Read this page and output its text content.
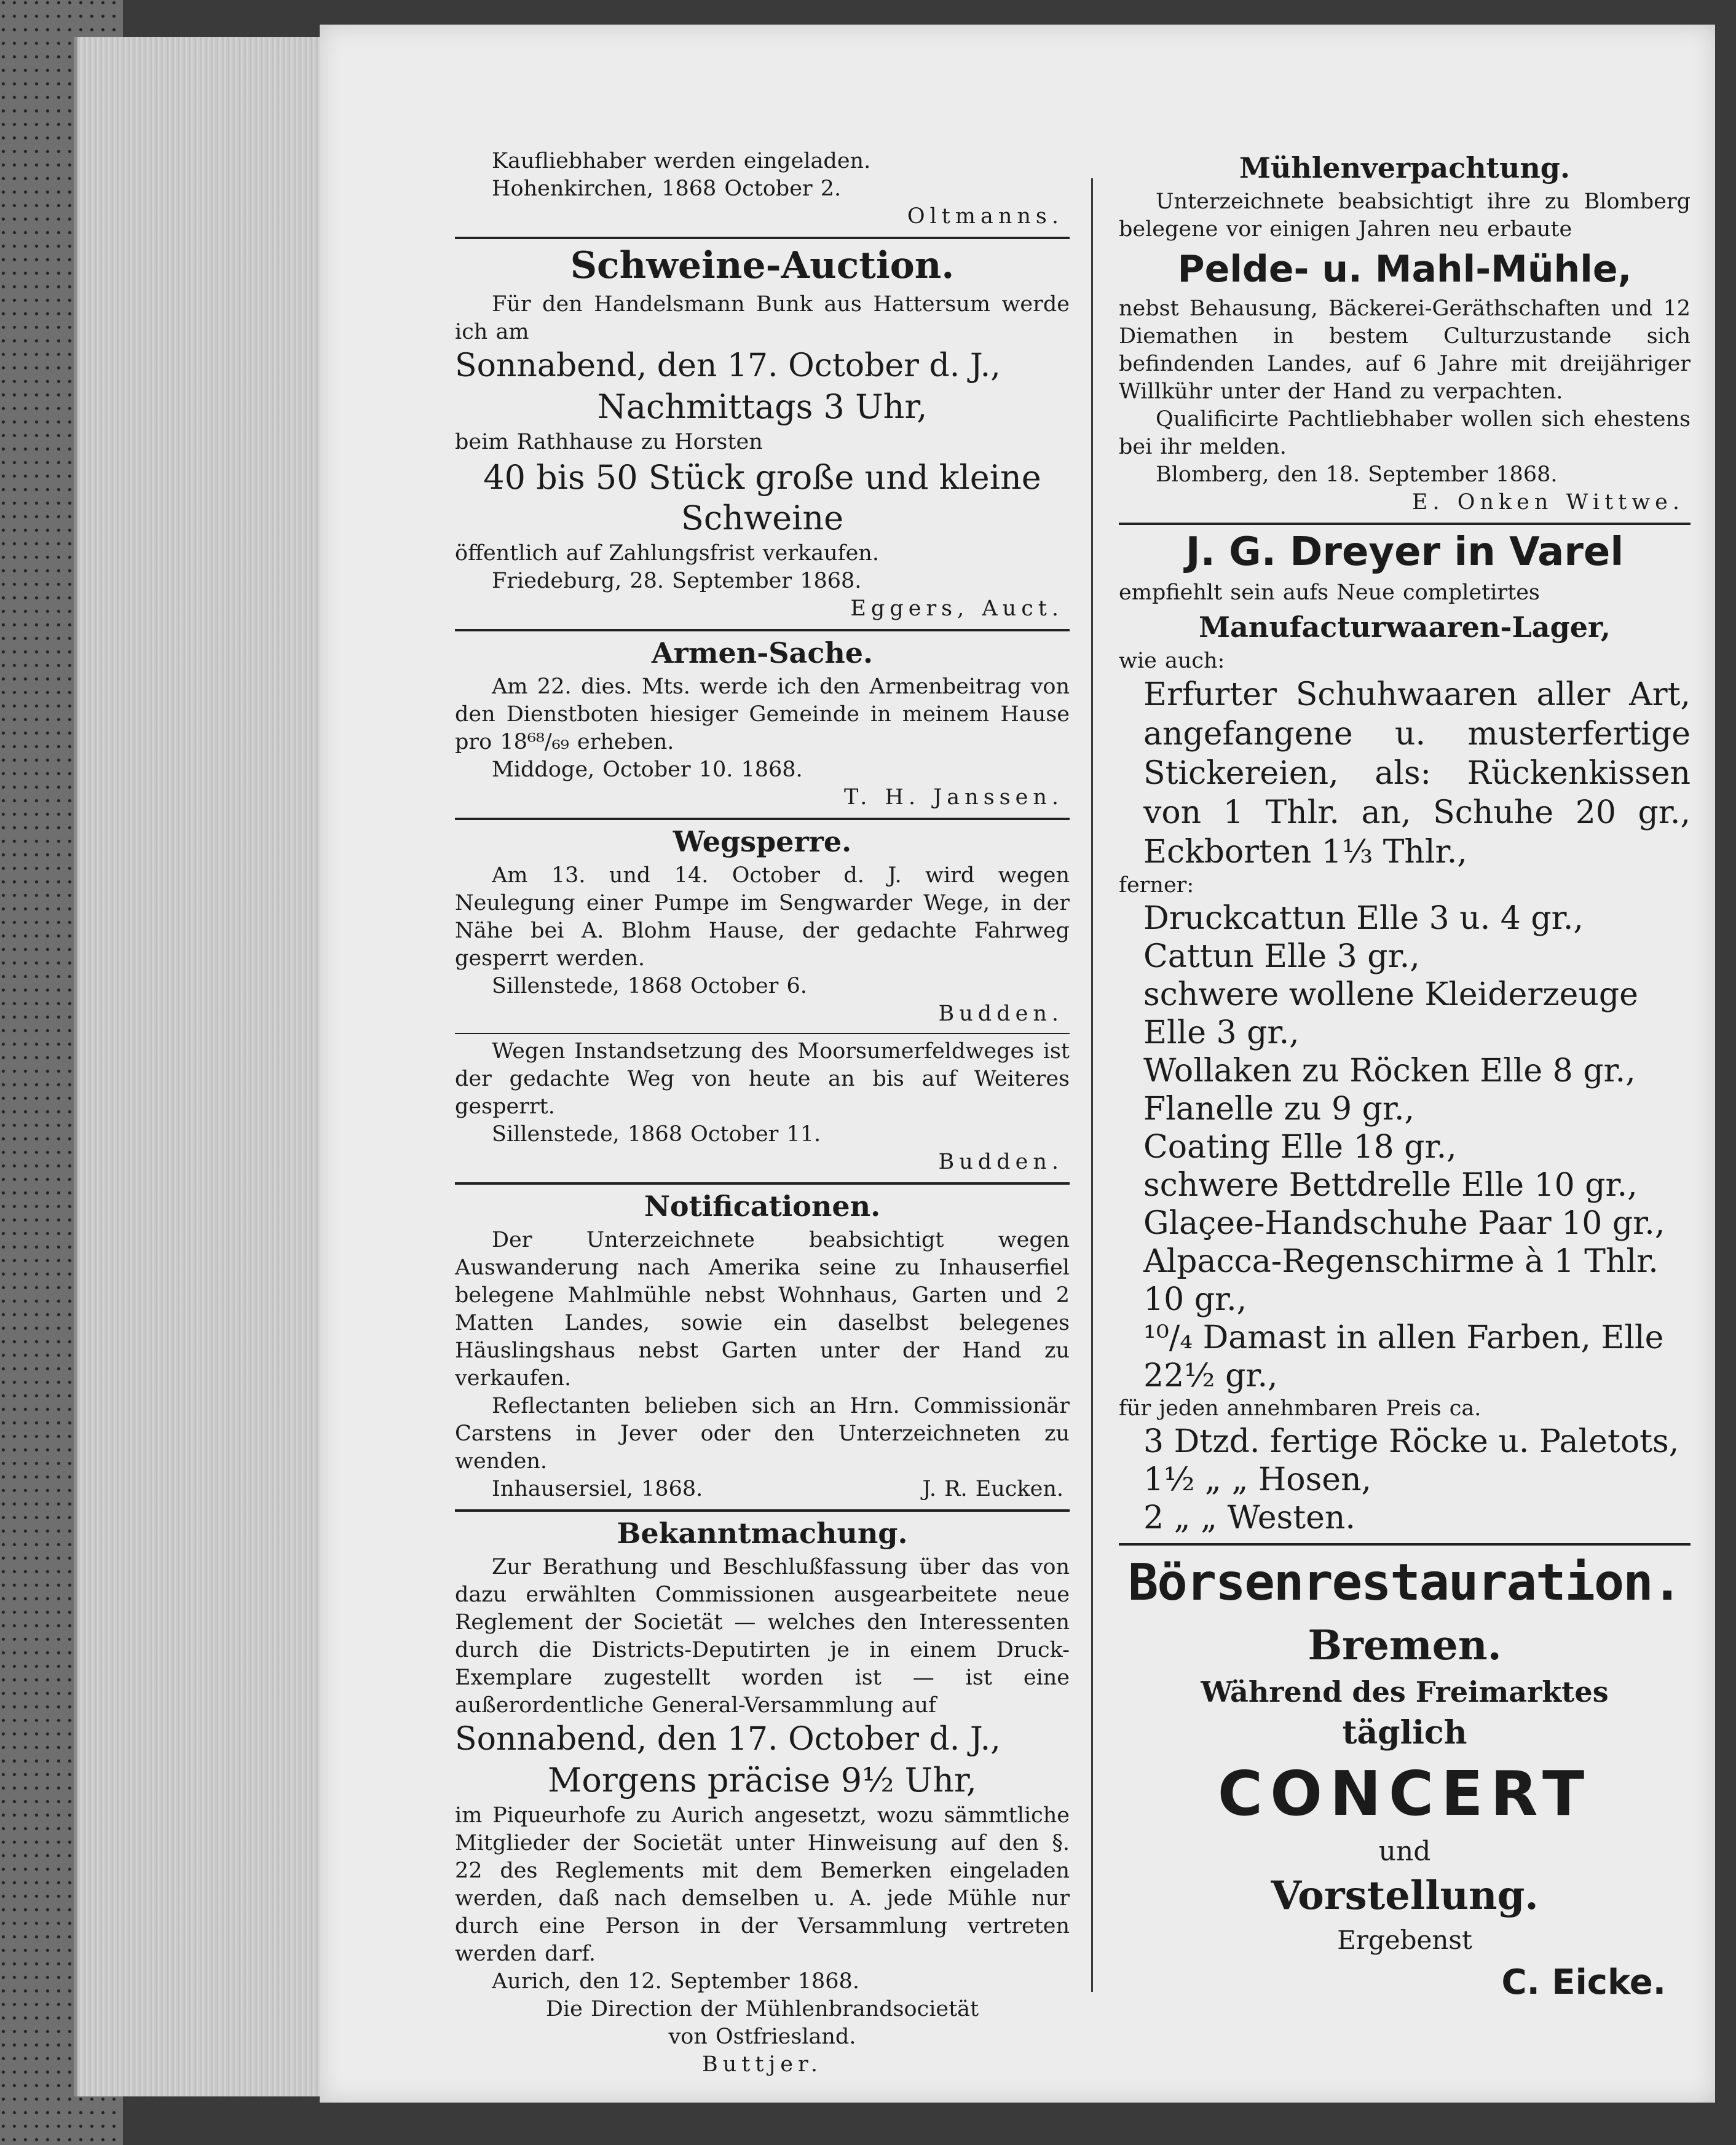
Kaufliebhaber werden eingeladen.

Hohenkirchen, 1868 October 2.

Oltmanns.

Schweine-Auction.

Für den Handelsmann Bunk aus Hattersum werde ich am

Sonnabend, den 17. October d. J.,

Nachmittags 3 Uhr,

beim Rathhause zu Horsten

40 bis 50 Stück große und kleine Schweine

öffentlich auf Zahlungsfrist verkaufen.

Friedeburg, 28. September 1868.

Eggers, Auct.

Armen-Sache.

Am 22. dies. Mts. werde ich den Armenbeitrag von den Dienstboten hiesiger Gemeinde in meinem Hause pro 18⁶⁸/₆₉ erheben.

Middoge, October 10. 1868.

T. H. Janssen.

Wegsperre.

Am 13. und 14. October d. J. wird wegen Neulegung einer Pumpe im Sengwarder Wege, in der Nähe bei A. Blohm Hause, der gedachte Fahrweg gesperrt werden.

Sillenstede, 1868 October 6.

Budden.

Wegen Instandsetzung des Moorsumerfeldweges ist der gedachte Weg von heute an bis auf Weiteres gesperrt.

Sillenstede, 1868 October 11.

Budden.

Notificationen.

Der Unterzeichnete beabsichtigt wegen Auswanderung nach Amerika seine zu Inhauserfiel belegene Mahlmühle nebst Wohnhaus, Garten und 2 Matten Landes, sowie ein daselbst belegenes Häuslingshaus nebst Garten unter der Hand zu verkaufen.

Reflectanten belieben sich an Hrn. Commissionär Carstens in Jever oder den Unterzeichneten zu wenden.

Inhausersiel, 1868.	J. R. Eucken.
Bekanntmachung.

Zur Berathung und Beschlußfassung über das von dazu erwählten Commissionen ausgearbeitete neue Reglement der Societät — welches den Interessenten durch die Districts-Deputirten je in einem Druck-Exemplare zugestellt worden ist — ist eine außerordentliche General-Versammlung auf

Sonnabend, den 17. October d. J.,

Morgens präcise 9½ Uhr,

im Piqueurhofe zu Aurich angesetzt, wozu sämmtliche Mitglieder der Societät unter Hinweisung auf den §. 22 des Reglements mit dem Bemerken eingeladen werden, daß nach demselben u. A. jede Mühle nur durch eine Person in der Versammlung vertreten werden darf.

Aurich, den 12. September 1868.

Die Direction der Mühlenbrandsocietät

von Ostfriesland.

Buttjer.

Mühlenverpachtung.

Unterzeichnete beabsichtigt ihre zu Blomberg belegene vor einigen Jahren neu erbaute

Pelde- u. Mahl-Mühle,

nebst Behausung, Bäckerei-Geräthschaften und 12 Diemathen in bestem Culturzustande sich befindenden Landes, auf 6 Jahre mit dreijähriger Willkühr unter der Hand zu verpachten.

Qualificirte Pachtliebhaber wollen sich ehestens bei ihr melden.

Blomberg, den 18. September 1868.

E. Onken Wittwe.

J. G. Dreyer in Varel

empfiehlt sein aufs Neue completirtes

Manufacturwaaren-Lager,

wie auch:

Erfurter Schuhwaaren aller Art, angefangene u. musterfertige Stickereien, als: Rückenkissen von 1 Thlr. an, Schuhe 20 gr., Eckborten 1⅓ Thlr.,

ferner:

Druckcattun Elle 3 u. 4 gr.,

Cattun Elle 3 gr.,

schwere wollene Kleiderzeuge Elle 3 gr.,

Wollaken zu Röcken Elle 8 gr.,

Flanelle zu 9 gr.,

Coating Elle 18 gr.,

schwere Bettdrelle Elle 10 gr.,

Glaçee-Handschuhe Paar 10 gr.,

Alpacca-Regenschirme à 1 Thlr. 10 gr.,

¹⁰/₄ Damast in allen Farben, Elle 22½ gr.,

für jeden annehmbaren Preis ca.

3 Dtzd. fertige Röcke u. Paletots,

1½ „ „ Hosen,

2 „ „ Westen.

Börsenrestauration.
Bremen.
Während des Freimarktes
täglich
CONCERT
und
Vorstellung.
Ergebenst
C. Eicke.
